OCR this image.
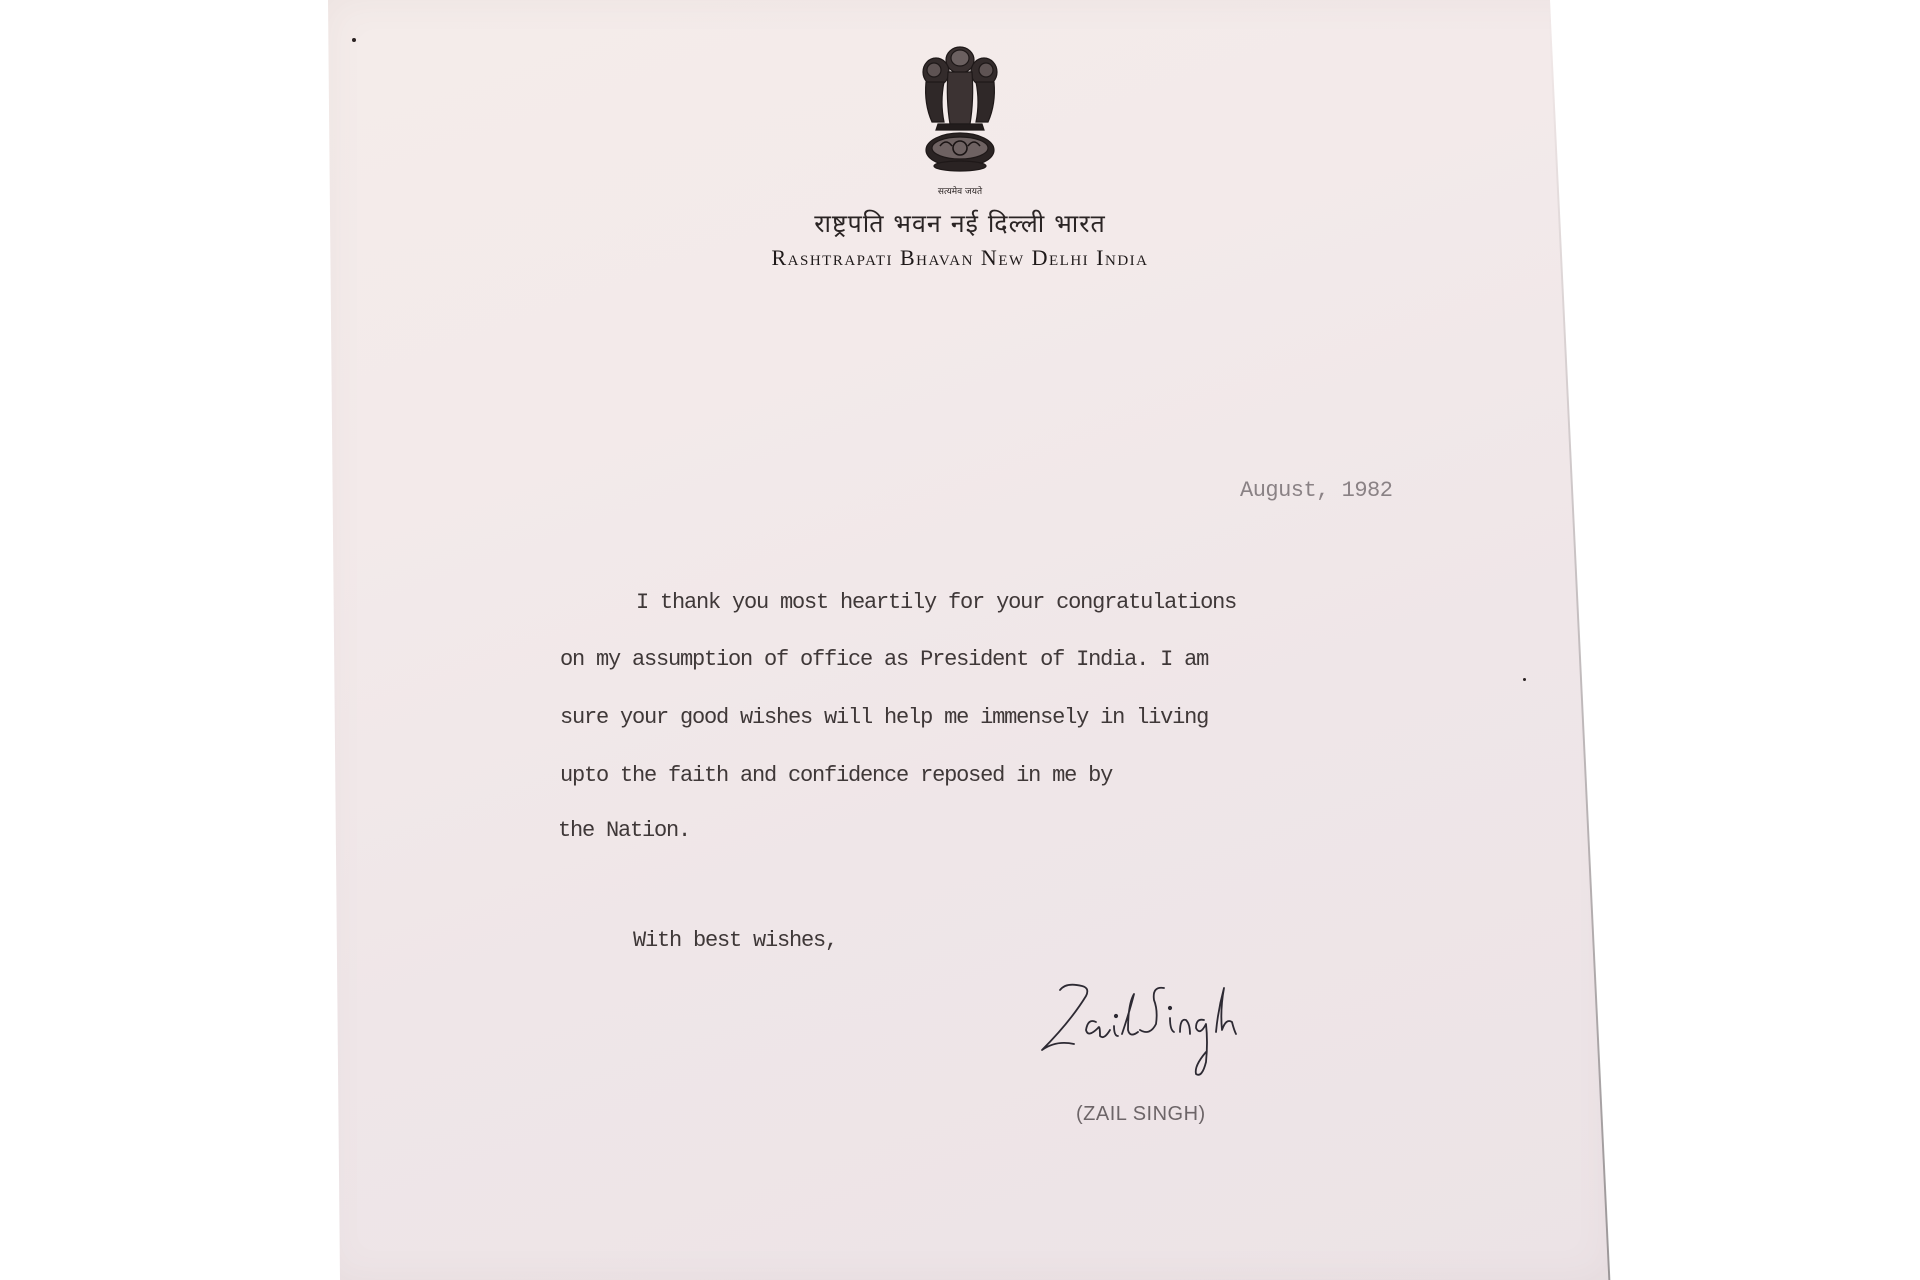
सत्यमेव जयते
राष्ट्रपति भवन नई दिल्ली भारत
Rashtrapati Bhavan New Delhi India
August, 1982
I thank you most heartily for your congratulations
on my assumption of office as President of India. I am
sure your good wishes will help me immensely in living
upto the faith and confidence reposed in me by
the Nation.
With best wishes,
(ZAIL SINGH)
